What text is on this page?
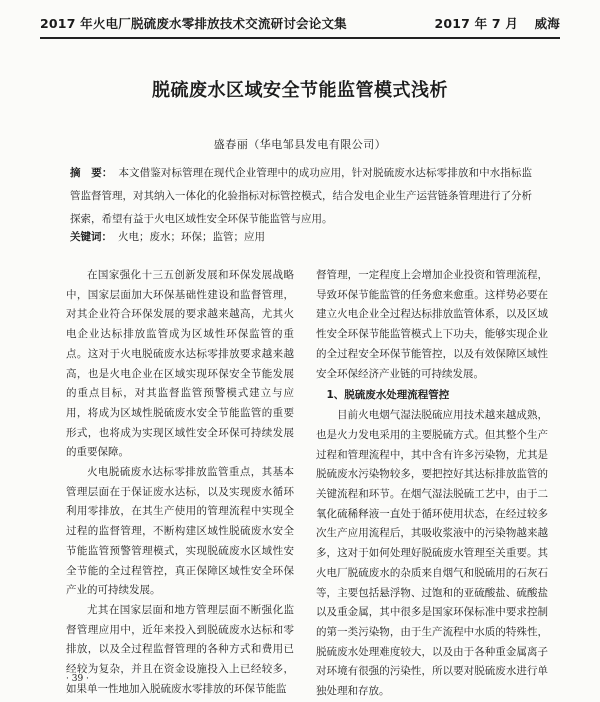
2017 年火电厂脱硫废水零排放技术交流研讨会论文集	2017 年 7 月 威海
脱硫废水区域安全节能监管模式浅析
盛春丽（华电邹县发电有限公司）
摘　要： 本文借鉴对标管理在现代企业管理中的成功应用，针对脱硫废水达标零排放和中水指标监管监督管理，对其纳入一体化的化验指标对标管控模式，结合发电企业生产运营链条管理进行了分析探索，希望有益于火电区域性安全环保节能监管与应用。
关键词： 火电；废水；环保；监管；应用

在国家强化十三五创新发展和环保发展战略中，国家层面加大环保基础性建设和监督管理，对其企业符合环保发展的要求越来越高，尤其火电企业达标排放监管成为区域性环保监管的重点。这对于火电脱硫废水达标零排放要求越来越高，也是火电企业在区域实现环保安全节能发展的重点目标，对其监督监管预警模式建立与应用，将成为区域性脱硫废水安全节能监管的重要形式，也将成为实现区域性安全环保可持续发展的重要保障。

火电脱硫废水达标零排放监管重点，其基本管理层面在于保证废水达标，以及实现废水循环利用零排放，在其生产使用的管理流程中实现全过程的监督管理，不断构建区域性脱硫废水安全节能监管预警管理模式，实现脱硫废水区域性安全节能的全过程管控，真正保障区域性安全环保产业的可持续发展。

尤其在国家层面和地方管理层面不断强化监督管理应用中，近年来投入到脱硫废水达标和零排放，以及全过程监督管理的各种方式和费用已经较为复杂，并且在资金设施投入上已经较多，如果单一性地加入脱硫废水零排放的环保节能监

督管理，一定程度上会增加企业投资和管理流程，导致环保节能监管的任务愈来愈重。这样势必要在建立火电企业全过程达标排放监管体系，以及区域性安全环保节能监管模式上下功夫，能够实现企业的全过程安全环保节能管控，以及有效保障区域性安全环保经济产业链的可持续发展。

1、脱硫废水处理流程管控

目前火电烟气湿法脱硫应用技术越来越成熟，也是火力发电采用的主要脱硫方式。但其整个生产过程和管理流程中，其中含有许多污染物，尤其是脱硫废水污染物较多，要把控好其达标排放监管的关键流程和环节。在烟气湿法脱硫工艺中，由于二氧化硫稀释液一直处于循环使用状态，在经过较多次生产应用流程后，其吸收浆液中的污染物越来越多，这对于如何处理好脱硫废水管理至关重要。其火电厂脱硫废水的杂质来自烟气和脱硫用的石灰石等，主要包括悬浮物、过饱和的亚硫酸盐、硫酸盐以及重金属，其中很多是国家环保标准中要求控制的第一类污染物，由于生产流程中水质的特殊性，脱硫废水处理难度较大，以及由于各种重金属离子对环境有很强的污染性，所以要对脱硫废水进行单独处理和存放。

· 39 ·
